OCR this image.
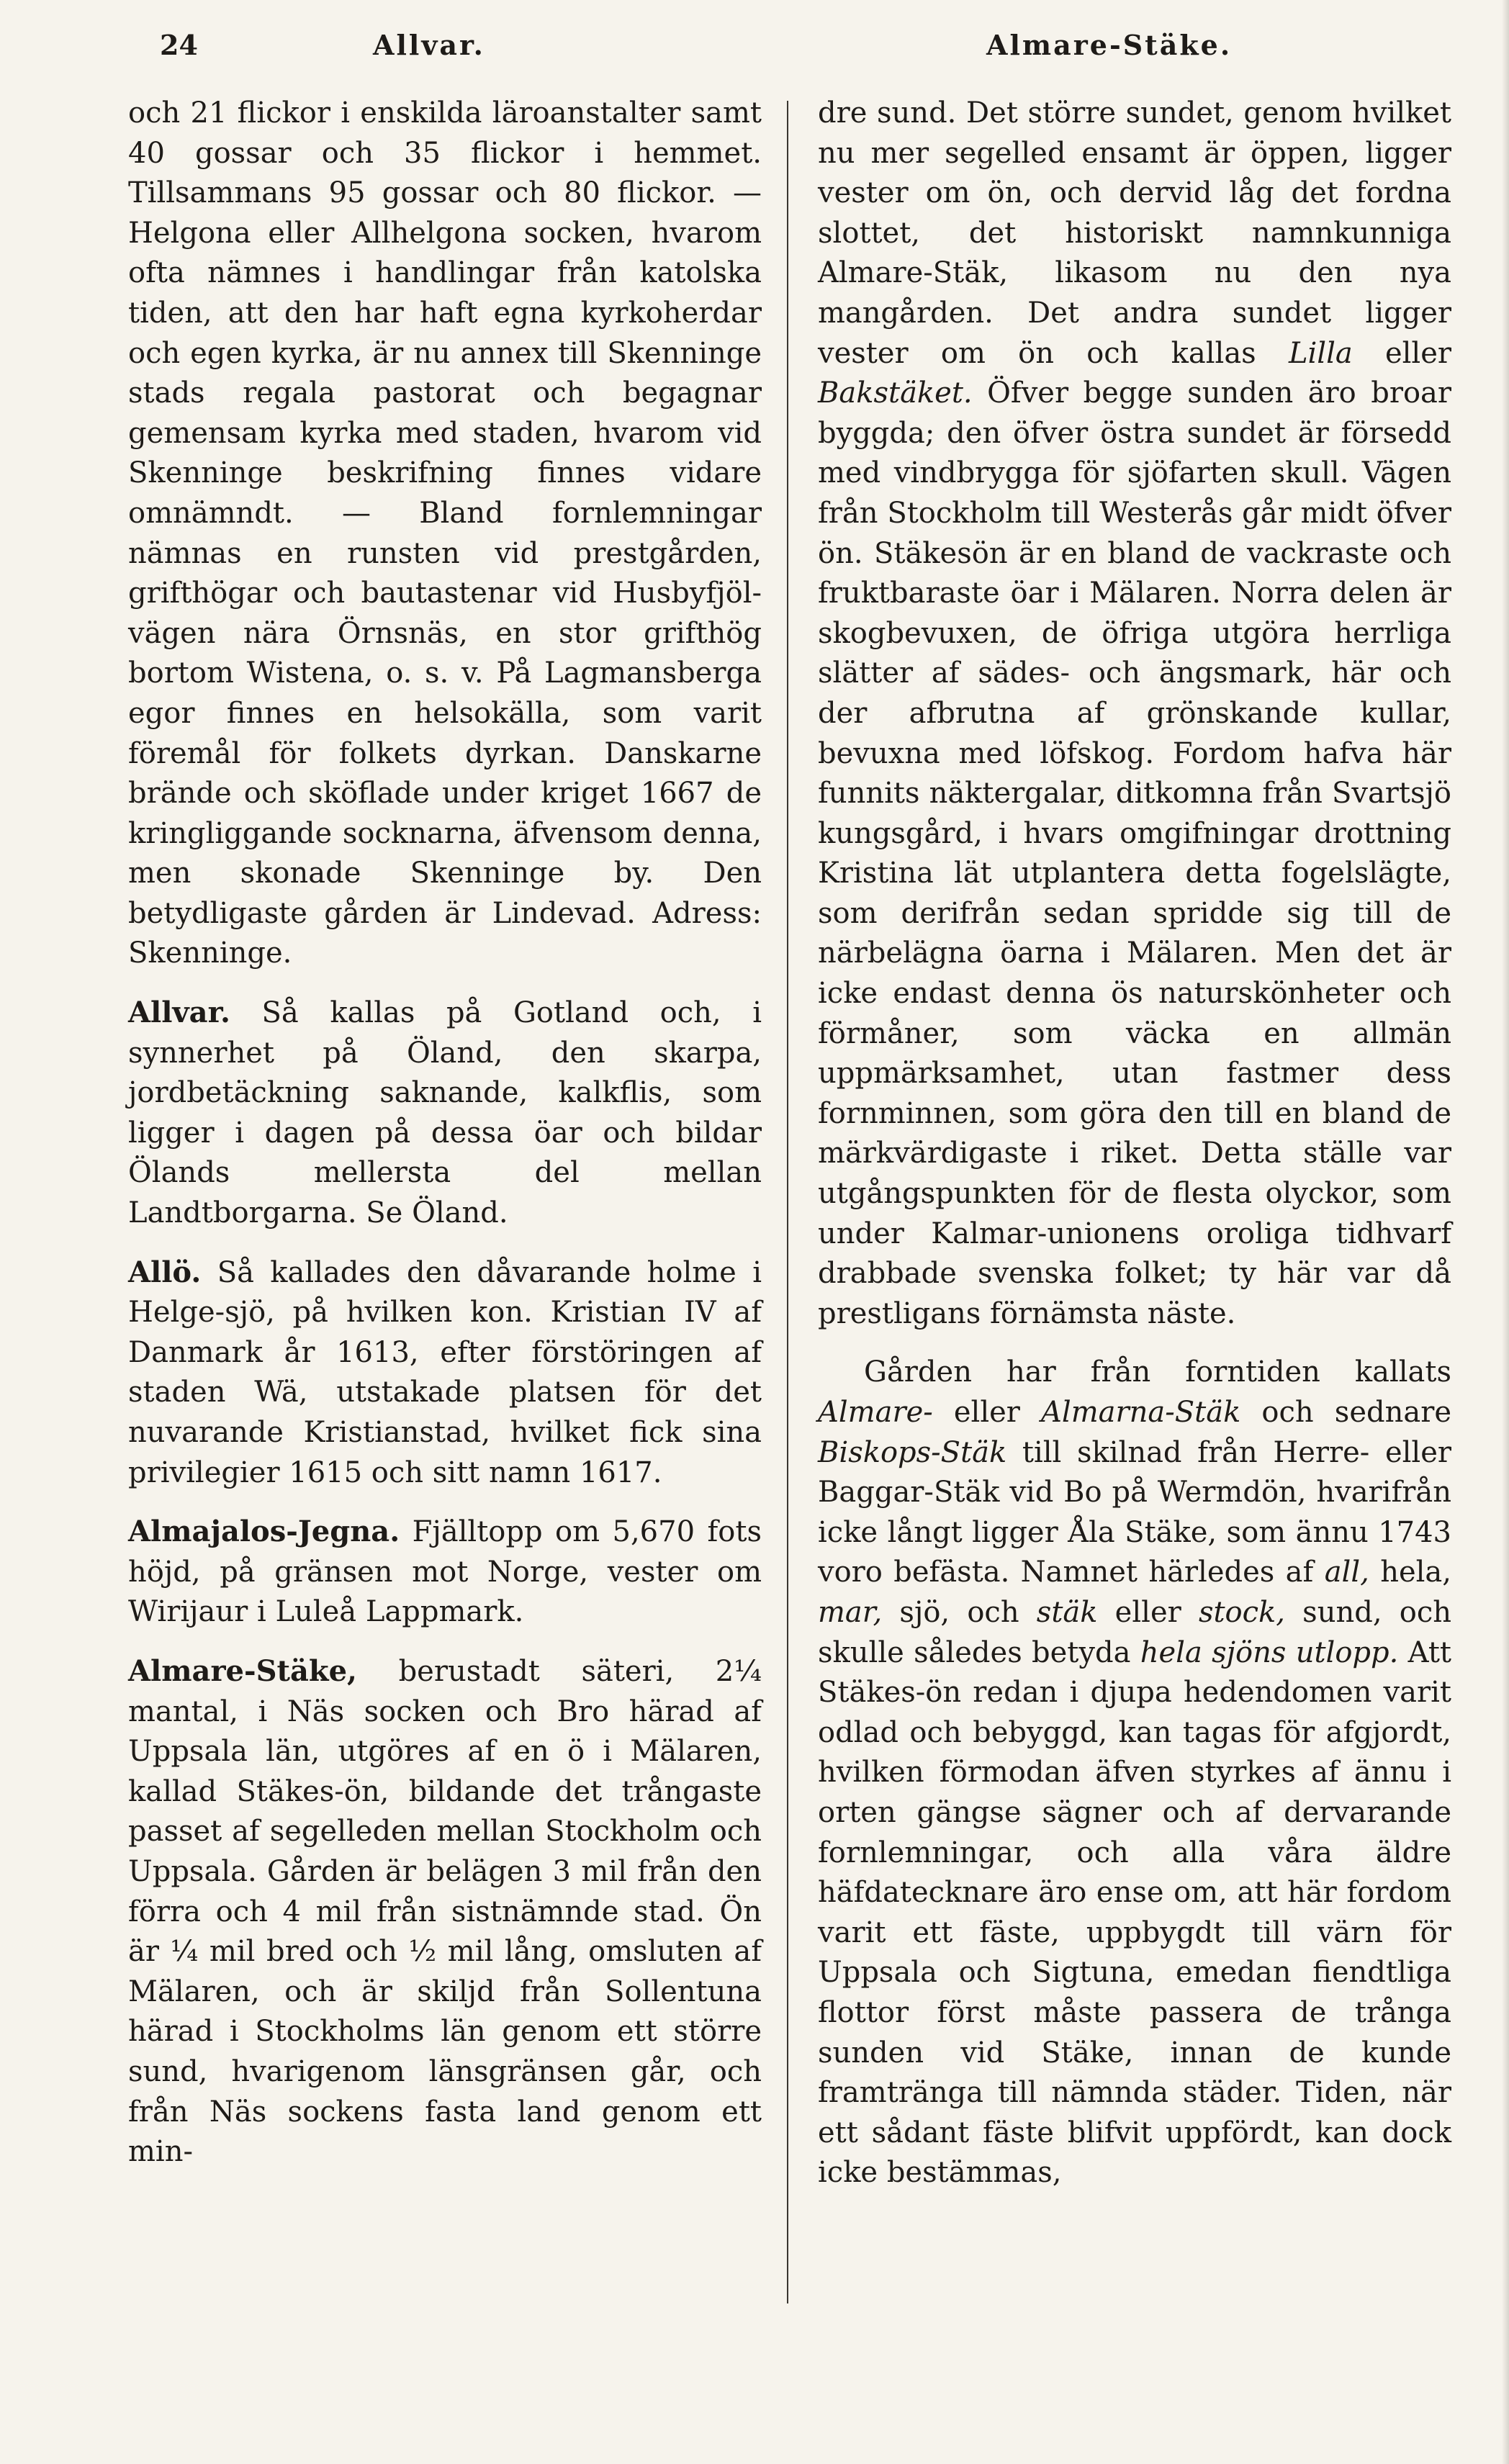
24	Allvar.	Almare-Stäke.

och 21 flickor i enskilda läroanstalter samt 40 gossar och 35 flickor i hemmet. Tillsammans 95 gossar och 80 flickor. — Helgona eller Allhelgona socken, hvarom ofta nämnes i handlingar från katolska tiden, att den har haft egna kyrkoherdar och egen kyrka, är nu annex till Skenninge stads regala pastorat och begagnar gemensam kyrka med staden, hvarom vid Skenninge beskrifning finnes vidare omnämndt. — Bland fornlemningar nämnas en runsten vid prestgården, grifthögar och bautastenar vid Husbyfjöl-vägen nära Örnsnäs, en stor grifthög bortom Wistena, o. s. v. På Lagmansberga egor finnes en helsokälla, som varit föremål för folkets dyrkan. Danskarne brände och sköflade under kriget 1667 de kringliggande socknarna, äfvensom denna, men skonade Skenninge by. Den betydligaste gården är Lindevad. Adress: Skenninge.

Allvar. Så kallas på Gotland och, i synnerhet på Öland, den skarpa, jordbetäckning saknande, kalkflis, som ligger i dagen på dessa öar och bildar Ölands mellersta del mellan Landtborgarna. Se Öland.

Allö. Så kallades den dåvarande holme i Helge-sjö, på hvilken kon. Kristian IV af Danmark år 1613, efter förstöringen af staden Wä, utstakade platsen för det nuvarande Kristianstad, hvilket fick sina privilegier 1615 och sitt namn 1617.

Almajalos-Jegna. Fjälltopp om 5,670 fots höjd, på gränsen mot Norge, vester om Wirijaur i Luleå Lappmark.

Almare-Stäke, berustadt säteri, 2¼ mantal, i Näs socken och Bro härad af Uppsala län, utgöres af en ö i Mälaren, kallad Stäkes-ön, bildande det trångaste passet af segelleden mellan Stockholm och Uppsala. Gården är belägen 3 mil från den förra och 4 mil från sistnämnde stad. Ön är ¼ mil bred och ½ mil lång, omsluten af Mälaren, och är skiljd från Sollentuna härad i Stockholms län genom ett större sund, hvarigenom länsgränsen går, och från Näs sockens fasta land genom ett min-

dre sund. Det större sundet, genom hvilket nu mer segelled ensamt är öppen, ligger vester om ön, och dervid låg det fordna slottet, det historiskt namnkunniga Almare-Stäk, likasom nu den nya mangården. Det andra sundet ligger vester om ön och kallas Lilla eller Bakstäket. Öfver begge sunden äro broar byggda; den öfver östra sundet är försedd med vindbrygga för sjöfarten skull. Vägen från Stockholm till Westerås går midt öfver ön. Stäkesön är en bland de vackraste och fruktbaraste öar i Mälaren. Norra delen är skogbevuxen, de öfriga utgöra herrliga slätter af sädes- och ängsmark, här och der afbrutna af grönskande kullar, bevuxna med löfskog. Fordom hafva här funnits näktergalar, ditkomna från Svartsjö kungsgård, i hvars omgifningar drottning Kristina lät utplantera detta fogelslägte, som derifrån sedan spridde sig till de närbelägna öarna i Mälaren. Men det är icke endast denna ös naturskönheter och förmåner, som väcka en allmän uppmärksamhet, utan fastmer dess fornminnen, som göra den till en bland de märkvärdigaste i riket. Detta ställe var utgångspunkten för de flesta olyckor, som under Kalmar-unionens oroliga tidhvarf drabbade svenska folket; ty här var då prestligans förnämsta näste.

Gården har från forntiden kallats Almare- eller Almarna-Stäk och sednare Biskops-Stäk till skilnad från Herre- eller Baggar-Stäk vid Bo på Wermdön, hvarifrån icke långt ligger Åla Stäke, som ännu 1743 voro befästa. Namnet härledes af all, hela, mar, sjö, och stäk eller stock, sund, och skulle således betyda hela sjöns utlopp. Att Stäkes-ön redan i djupa hedendomen varit odlad och bebyggd, kan tagas för afgjordt, hvilken förmodan äfven styrkes af ännu i orten gängse sägner och af dervarande fornlemningar, och alla våra äldre häfdatecknare äro ense om, att här fordom varit ett fäste, uppbygdt till värn för Uppsala och Sigtuna, emedan fiendtliga flottor först måste passera de trånga sunden vid Stäke, innan de kunde framtränga till nämnda städer. Tiden, när ett sådant fäste blifvit uppfördt, kan dock icke bestämmas,
